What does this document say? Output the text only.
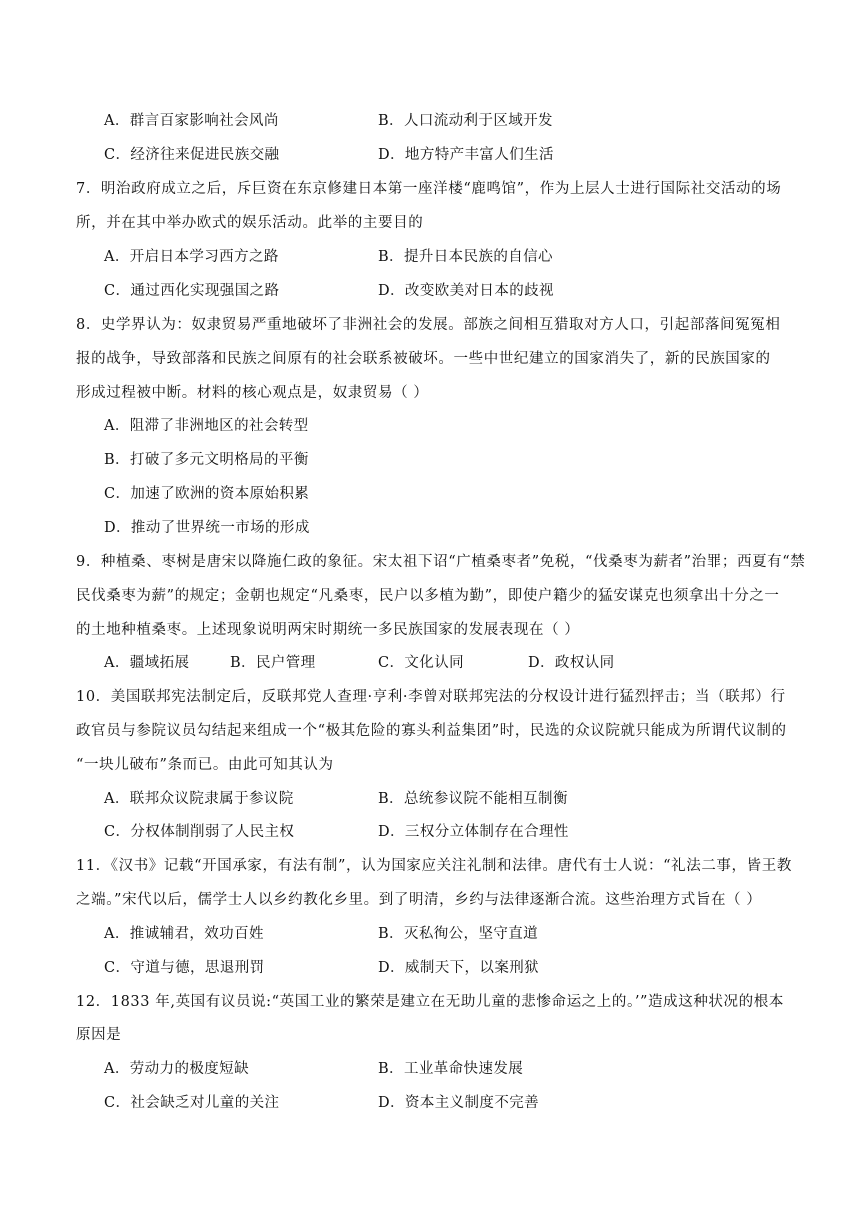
A．群言百家影响社会风尚	B．人口流动利于区域开发
C．经济往来促进民族交融	D．地方特产丰富人们生活
7．明治政府成立之后，斥巨资在东京修建日本第一座洋楼“鹿鸣馆”，作为上层人士进行国际社交活动的场
所，并在其中举办欧式的娱乐活动。此举的主要目的
A．开启日本学习西方之路	B．提升日本民族的自信心
C．通过西化实现强国之路	D．改变欧美对日本的歧视
8．史学界认为：奴隶贸易严重地破坏了非洲社会的发展。部族之间相互猎取对方人口，引起部落间冤冤相
报的战争，导致部落和民族之间原有的社会联系被破坏。一些中世纪建立的国家消失了，新的民族国家的
形成过程被中断。材料的核心观点是，奴隶贸易（ ）
A．阻滞了非洲地区的社会转型
B．打破了多元文明格局的平衡
C．加速了欧洲的资本原始积累
D．推动了世界统一市场的形成
9．种植桑、枣树是唐宋以降施仁政的象征。宋太祖下诏“广植桑枣者”免税，“伐桑枣为薪者”治罪；西夏有“禁
民伐桑枣为薪”的规定；金朝也规定“凡桑枣，民户以多植为勤”，即使户籍少的猛安谋克也须拿出十分之一
的土地种植桑枣。上述现象说明两宋时期统一多民族国家的发展表现在（ ）
A．疆域拓展	B．民户管理	C．文化认同	D．政权认同
10．美国联邦宪法制定后，反联邦党人查理·亨利·李曾对联邦宪法的分权设计进行猛烈抨击；当（联邦）行
政官员与参院议员勾结起来组成一个“极其危险的寡头利益集团”时，民选的众议院就只能成为所谓代议制的
“一块儿破布”条而已。由此可知其认为
A．联邦众议院隶属于参议院	B．总统参议院不能相互制衡
C．分权体制削弱了人民主权	D．三权分立体制存在合理性
11．《汉书》记载“开国承家，有法有制”，认为国家应关注礼制和法律。唐代有士人说：“礼法二事，皆王教
之端。”宋代以后，儒学士人以乡约教化乡里。到了明清，乡约与法律逐渐合流。这些治理方式旨在（ ）
A．推诚辅君，效功百姓	B．灭私徇公，坚守直道
C．守道与德，思退刑罚	D．威制天下，以案刑狱
12．1833 年,英国有议员说:“英国工业的繁荣是建立在无助儿童的悲惨命运之上的。’”造成这种状况的根本
原因是
A．劳动力的极度短缺	B．工业革命快速发展
C．社会缺乏对儿童的关注	D．资本主义制度不完善
